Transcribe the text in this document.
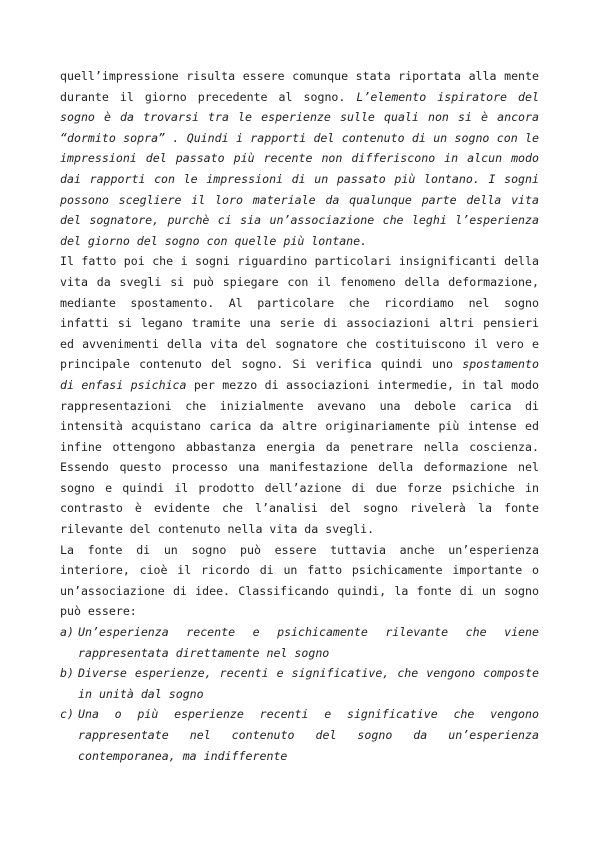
quell’impressione risulta essere comunque stata riportata alla mente durante il giorno precedente al sogno. L’elemento ispiratore del sogno è da trovarsi tra le esperienze sulle quali non si è ancora “dormito sopra” . Quindi i rapporti del contenuto di un sogno con le impressioni del passato più recente non differiscono in alcun modo dai rapporti con le impressioni di un passato più lontano. I sogni possono scegliere il loro materiale da qualunque parte della vita del sognatore, purchè ci sia un’associazione che leghi l’esperienza del giorno del sogno con quelle più lontane.

Il fatto poi che i sogni riguardino particolari insignificanti della vita da svegli si può spiegare con il fenomeno della deformazione, mediante spostamento. Al particolare che ricordiamo nel sogno infatti si legano tramite una serie di associazioni altri pensieri ed avvenimenti della vita del sognatore che costituiscono il vero e principale contenuto del sogno. Si verifica quindi uno spostamento di enfasi psichica per mezzo di associazioni intermedie, in tal modo rappresentazioni che inizialmente avevano una debole carica di intensità acquistano carica da altre originariamente più intense ed infine ottengono abbastanza energia da penetrare nella coscienza. Essendo questo processo una manifestazione della deformazione nel sogno e quindi il prodotto dell’azione di due forze psichiche in contrasto è evidente che l’analisi del sogno rivelerà la fonte rilevante del contenuto nella vita da svegli.

La fonte di un sogno può essere tuttavia anche un’esperienza interiore, cioè il ricordo di un fatto psichicamente importante o un’associazione di idee. Classificando quindi, la fonte di un sogno può essere:

a) Un’esperienza recente e psichicamente rilevante che viene rappresentata direttamente nel sogno
b) Diverse esperienze, recenti e significative, che vengono composte in unità dal sogno
c) Una o più esperienze recenti e significative che vengono rappresentate nel contenuto del sogno da un’esperienza contemporanea, ma indifferente
